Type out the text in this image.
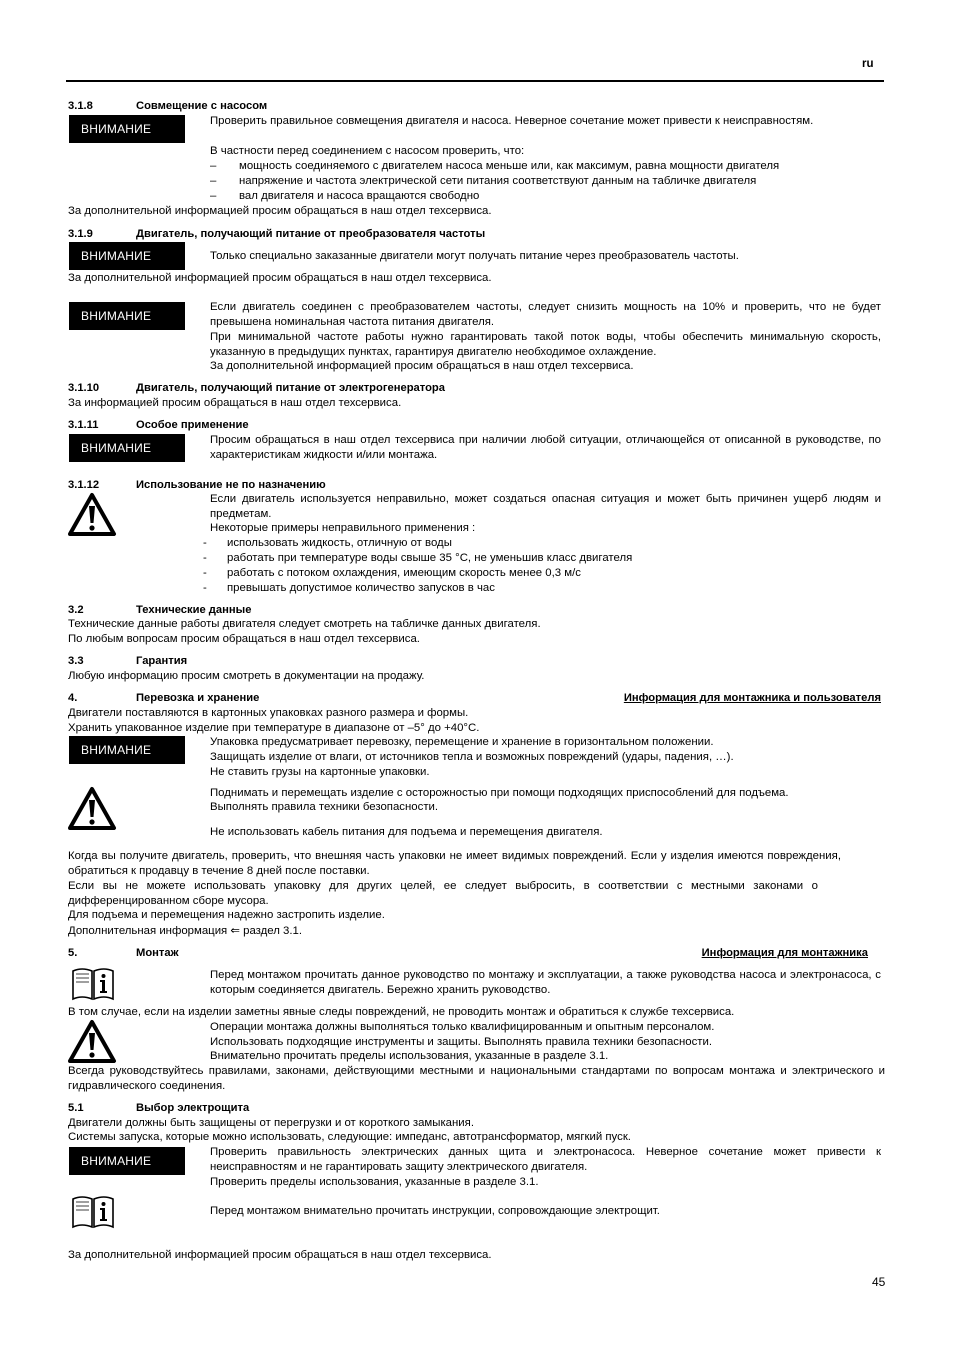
ru
3.1.8	Совмещение с насосом
ВНИМАНИЕ
Проверить правильное совмещения двигателя и насоса. Неверное сочетание может привести к неисправностям.
В частности перед соединением с насосом проверить, что:
– мощность соединяемого с двигателем насоса меньше или, как максимум, равна мощности двигателя
– напряжение и частота электрической сети питания соответствуют данным на табличке двигателя
– вал двигателя и насоса вращаются свободно
За дополнительной информацией просим обращаться в наш отдел техсервиса.
3.1.9	Двигатель, получающий питание от преобразователя частоты
ВНИМАНИЕ	Только специально заказанные двигатели могут получать питание через преобразователь частоты.
За дополнительной информацией просим обращаться в наш отдел техсервиса.
ВНИМАНИЕ
Если двигатель соединен с преобразователем частоты, следует снизить мощность на 10% и проверить, что не будет превышена номинальная частота питания двигателя.
При минимальной частоте работы нужно гарантировать такой поток воды, чтобы обеспечить минимальную скорость, указанную в предыдущих пунктах, гарантируя двигателю необходимое охлаждение.
За дополнительной информацией просим обращаться в наш отдел техсервиса.
3.1.10	Двигатель, получающий питание от электрогенератора
За информацией просим обращаться в наш отдел техсервиса.
3.1.11	Особое применение
ВНИМАНИЕ
Просим обращаться в наш отдел техсервиса при наличии любой ситуации, отличающейся от описанной в руководстве, по характеристикам жидкости и/или монтажа.
3.1.12	Использование не по назначению
Если двигатель используется неправильно, может создаться опасная ситуация и может быть причинен ущерб людям и предметам.
Некоторые примеры неправильного применения :
- использовать жидкость, отличную от воды
- работать при температуре воды свыше 35 °C, не уменьшив класс двигателя
- работать с потоком охлаждения, имеющим скорость менее 0,3 м/с
- превышать допустимое количество запусков в час
3.2	Технические данные
Технические данные работы двигателя следует смотреть на табличке данных двигателя.
По любым вопросам просим обращаться в наш отдел техсервиса.
3.3	Гарантия
Любую информацию просим смотреть в документации на продажу.
4.	Перевозка и хранение	Информация для монтажника и пользователя
Двигатели поставляются в картонных упаковках разного размера и формы.
Хранить упакованное изделие при температуре в диапазоне от –5° до +40°C.
ВНИМАНИЕ
Упаковка предусматривает перевозку, перемещение и хранение в горизонтальном положении.
Защищать изделие от влаги, от источников тепла и возможных повреждений (удары, падения, …).
Не ставить грузы на картонные упаковки.
Поднимать и перемещать изделие с осторожностью при помощи подходящих приспособлений для подъема.
Выполнять правила техники безопасности.
Не использовать кабель питания для подъема и перемещения двигателя.
Когда вы получите двигатель, проверить, что внешняя часть упаковки не имеет видимых повреждений. Если у изделия имеются повреждения, обратиться к продавцу в течение 8 дней после поставки.
Если вы не можете использовать упаковку для других целей, ее следует выбросить, в соответствии с местными законами о дифференцированном сборе мусора.
Для подъема и перемещения надежно застропить изделие.
Дополнительная информация ⇐ раздел 3.1.
5.	Монтаж	Информация для монтажника
Перед монтажом прочитать данное руководство по монтажу и эксплуатации, а также руководства насоса и электронасоса, с которым соединяется двигатель. Бережно хранить руководство.
В том случае, если на изделии заметны явные следы повреждений, не проводить монтаж и обратиться к службе техсервиса.
Операции монтажа должны выполняться только квалифицированным и опытным персоналом.
Использовать подходящие инструменты и защиты. Выполнять правила техники безопасности.
Внимательно прочитать пределы использования, указанные в разделе 3.1.
Всегда руководствуйтесь правилами, законами, действующими местными и национальными стандартами по вопросам монтажа и электрического и гидравлического соединения.
5.1	Выбор электрощита
Двигатели должны быть защищены от перегрузки и от короткого замыкания.
Системы запуска, которые можно использовать, следующие: импеданс, автотрансформатор, мягкий пуск.
ВНИМАНИЕ
Проверить правильность электрических данных щита и электронасоса. Неверное сочетание может привести к неисправностям и не гарантировать защиту электрического двигателя.
Проверить пределы использования, указанные в разделе 3.1.
Перед монтажом внимательно прочитать инструкции, сопровождающие электрощит.
За дополнительной информацией просим обращаться в наш отдел техсервиса.
45
